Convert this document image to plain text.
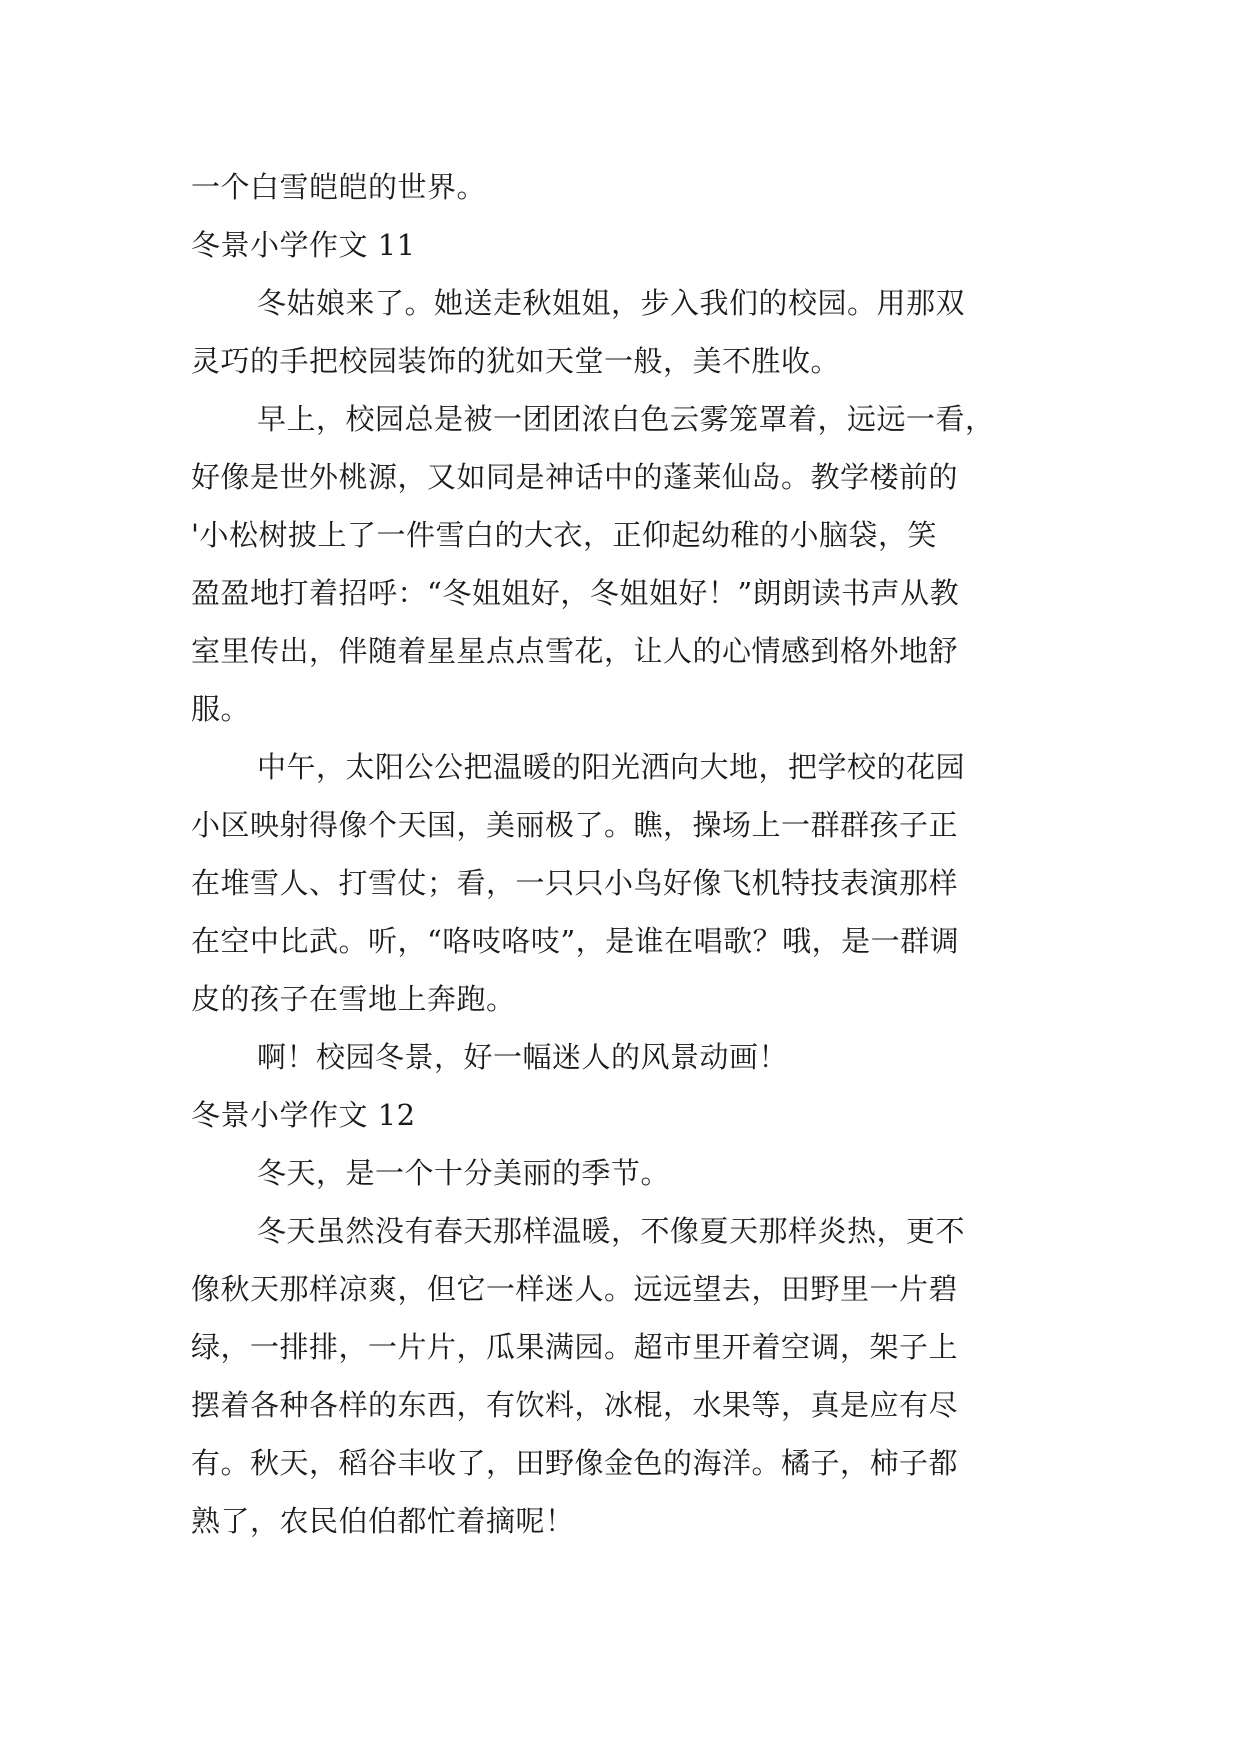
一个白雪皑皑的世界。
冬景小学作文 11
冬姑娘来了。她送走秋姐姐，步入我们的校园。用那双
灵巧的手把校园装饰的犹如天堂一般，美不胜收。
早上，校园总是被一团团浓白色云雾笼罩着，远远一看，
好像是世外桃源，又如同是神话中的蓬莱仙岛。教学楼前的
'小松树披上了一件雪白的大衣，正仰起幼稚的小脑袋，笑
盈盈地打着招呼：“冬姐姐好，冬姐姐好！”朗朗读书声从教
室里传出，伴随着星星点点雪花，让人的心情感到格外地舒
服。
中午，太阳公公把温暖的阳光洒向大地，把学校的花园
小区映射得像个天国，美丽极了。瞧，操场上一群群孩子正
在堆雪人、打雪仗；看，一只只小鸟好像飞机特技表演那样
在空中比武。听，“咯吱咯吱”，是谁在唱歌？哦，是一群调
皮的孩子在雪地上奔跑。
啊！校园冬景，好一幅迷人的风景动画！
冬景小学作文 12
冬天，是一个十分美丽的季节。
冬天虽然没有春天那样温暖，不像夏天那样炎热，更不
像秋天那样凉爽，但它一样迷人。远远望去，田野里一片碧
绿，一排排，一片片，瓜果满园。超市里开着空调，架子上
摆着各种各样的东西，有饮料，冰棍，水果等，真是应有尽
有。秋天，稻谷丰收了，田野像金色的海洋。橘子，柿子都
熟了，农民伯伯都忙着摘呢！
